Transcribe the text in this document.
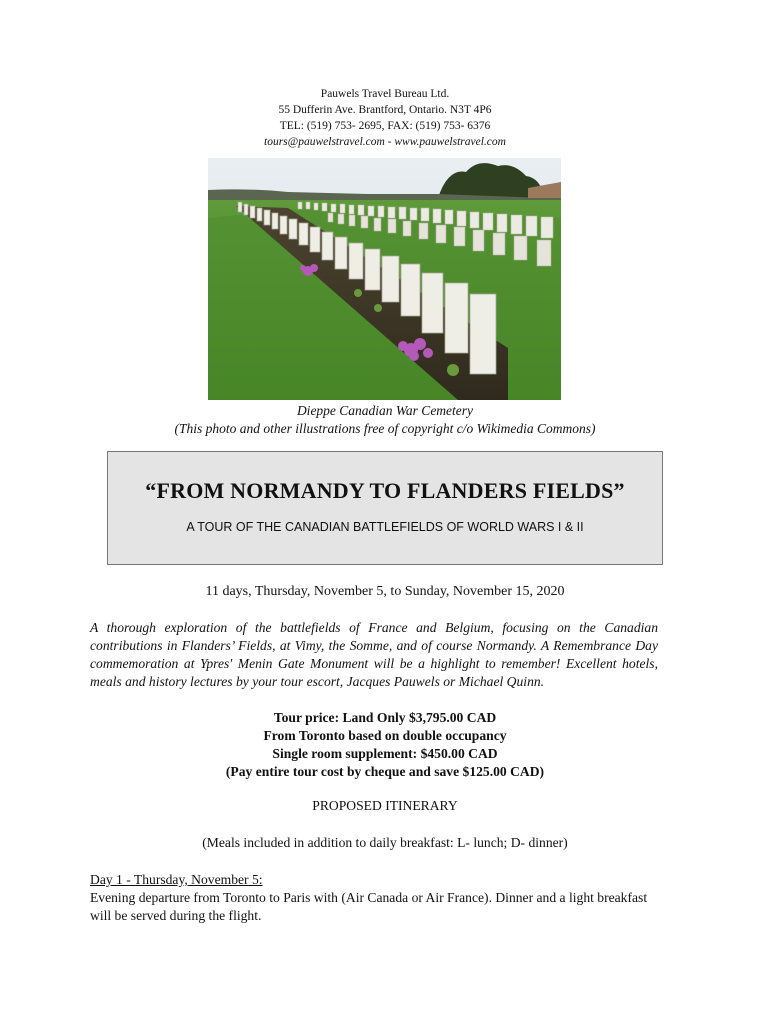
Pauwels Travel Bureau Ltd.
55 Dufferin Ave. Brantford, Ontario. N3T 4P6
TEL: (519) 753- 2695, FAX: (519) 753- 6376
tours@pauwelstravel.com - www.pauwelstravel.com
Dieppe Canadian War Cemetery
(This photo and other illustrations free of copyright c/o Wikimedia Commons)
“FROM NORMANDY TO FLANDERS FIELDS”
A TOUR OF THE CANADIAN BATTLEFIELDS OF WORLD WARS I & II
11 days, Thursday, November 5, to Sunday, November 15, 2020
A thorough exploration of the battlefields of France and Belgium, focusing on the Canadian contributions in Flanders’ Fields, at Vimy, the Somme, and of course Normandy. A Remembrance Day commemoration at Ypres' Menin Gate Monument will be a highlight to remember! Excellent hotels, meals and history lectures by your tour escort, Jacques Pauwels or Michael Quinn.
Tour price: Land Only $3,795.00 CAD
From Toronto based on double occupancy
Single room supplement: $450.00 CAD
(Pay entire tour cost by cheque and save $125.00 CAD)
PROPOSED ITINERARY
(Meals included in addition to daily breakfast: L- lunch; D- dinner)
Day 1 - Thursday, November 5:
Evening departure from Toronto to Paris with (Air Canada or Air France). Dinner and a light breakfast will be served during the flight.
